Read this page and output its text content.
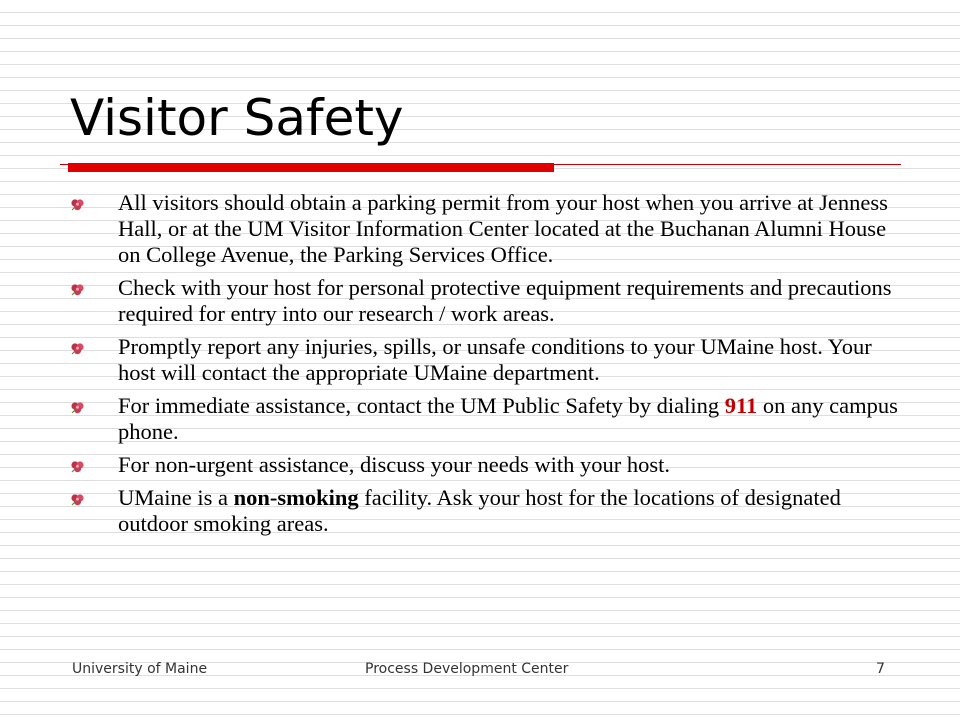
Visitor Safety
All visitors should obtain a parking permit from your host when you arrive at Jenness Hall, or at the UM Visitor Information Center located at the Buchanan Alumni House on College Avenue, the Parking Services Office.
Check with your host for personal protective equipment requirements and precautions required for entry into our research / work areas.
Promptly report any injuries, spills, or unsafe conditions to your UMaine host. Your host will contact the appropriate UMaine department.
For immediate assistance, contact the UM Public Safety by dialing 911 on any campus phone.
For non-urgent assistance, discuss your needs with your host.
UMaine is a non-smoking facility. Ask your host for the locations of designated outdoor smoking areas.
University of Maine	Process Development Center	7
